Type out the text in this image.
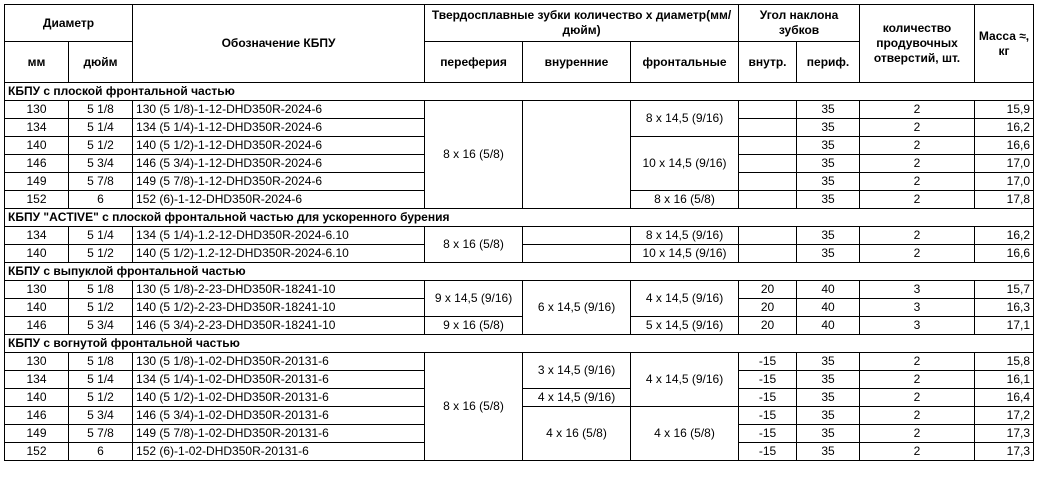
Диаметр		Обозначение КБПУ	Твердосплавные зубки количество х диаметр(мм/дюйм)			Угол наклона зубков		количество продувочных отверстий, шт.	Масса ≈, кг
мм	дюйм		переферия	внуренние	фронтальные	внутр.	периф.		
КБПУ с плоской фронтальной частью									
130	5 1/8	130 (5 1/8)-1-12-DHD350R-2024-6	8 x 16 (5/8)		8 x 14,5 (9/16)		35	2	15,9
134	5 1/4	134 (5 1/4)-1-12-DHD350R-2024-6					35	2	16,2
140	5 1/2	140 (5 1/2)-1-12-DHD350R-2024-6			10 x 14,5 (9/16)		35	2	16,6
146	5 3/4	146 (5 3/4)-1-12-DHD350R-2024-6					35	2	17,0
149	5 7/8	149 (5 7/8)-1-12-DHD350R-2024-6					35	2	17,0
152	6	152 (6)-1-12-DHD350R-2024-6			8 x 16 (5/8)		35	2	17,8
КБПУ "ACTIVE" с плоской фронтальной частью для ускоренного бурения									
134	5 1/4	134 (5 1/4)-1.2-12-DHD350R-2024-6.10	8 x 16 (5/8)		8 x 14,5 (9/16)		35	2	16,2
140	5 1/2	140 (5 1/2)-1.2-12-DHD350R-2024-6.10			10 x 14,5 (9/16)		35	2	16,6
КБПУ с выпуклой фронтальной частью									
130	5 1/8	130 (5 1/8)-2-23-DHD350R-18241-10	9 x 14,5 (9/16)	6 x 14,5 (9/16)	4 x 14,5 (9/16)	20	40	3	15,7
140	5 1/2	140 (5 1/2)-2-23-DHD350R-18241-10				20	40	3	16,3
146	5 3/4	146 (5 3/4)-2-23-DHD350R-18241-10	9 x 16 (5/8)		5 x 14,5 (9/16)	20	40	3	17,1
КБПУ с вогнутой фронтальной частью									
130	5 1/8	130 (5 1/8)-1-02-DHD350R-20131-6	8 x 16 (5/8)	3 x 14,5 (9/16)	4 x 14,5 (9/16)	-15	35	2	15,8
134	5 1/4	134 (5 1/4)-1-02-DHD350R-20131-6				-15	35	2	16,1
140	5 1/2	140 (5 1/2)-1-02-DHD350R-20131-6		4 x 14,5 (9/16)		-15	35	2	16,4
146	5 3/4	146 (5 3/4)-1-02-DHD350R-20131-6		4 x 16 (5/8)	4 x 16 (5/8)	-15	35	2	17,2
149	5 7/8	149 (5 7/8)-1-02-DHD350R-20131-6				-15	35	2	17,3
152	6	152 (6)-1-02-DHD350R-20131-6				-15	35	2	17,3
